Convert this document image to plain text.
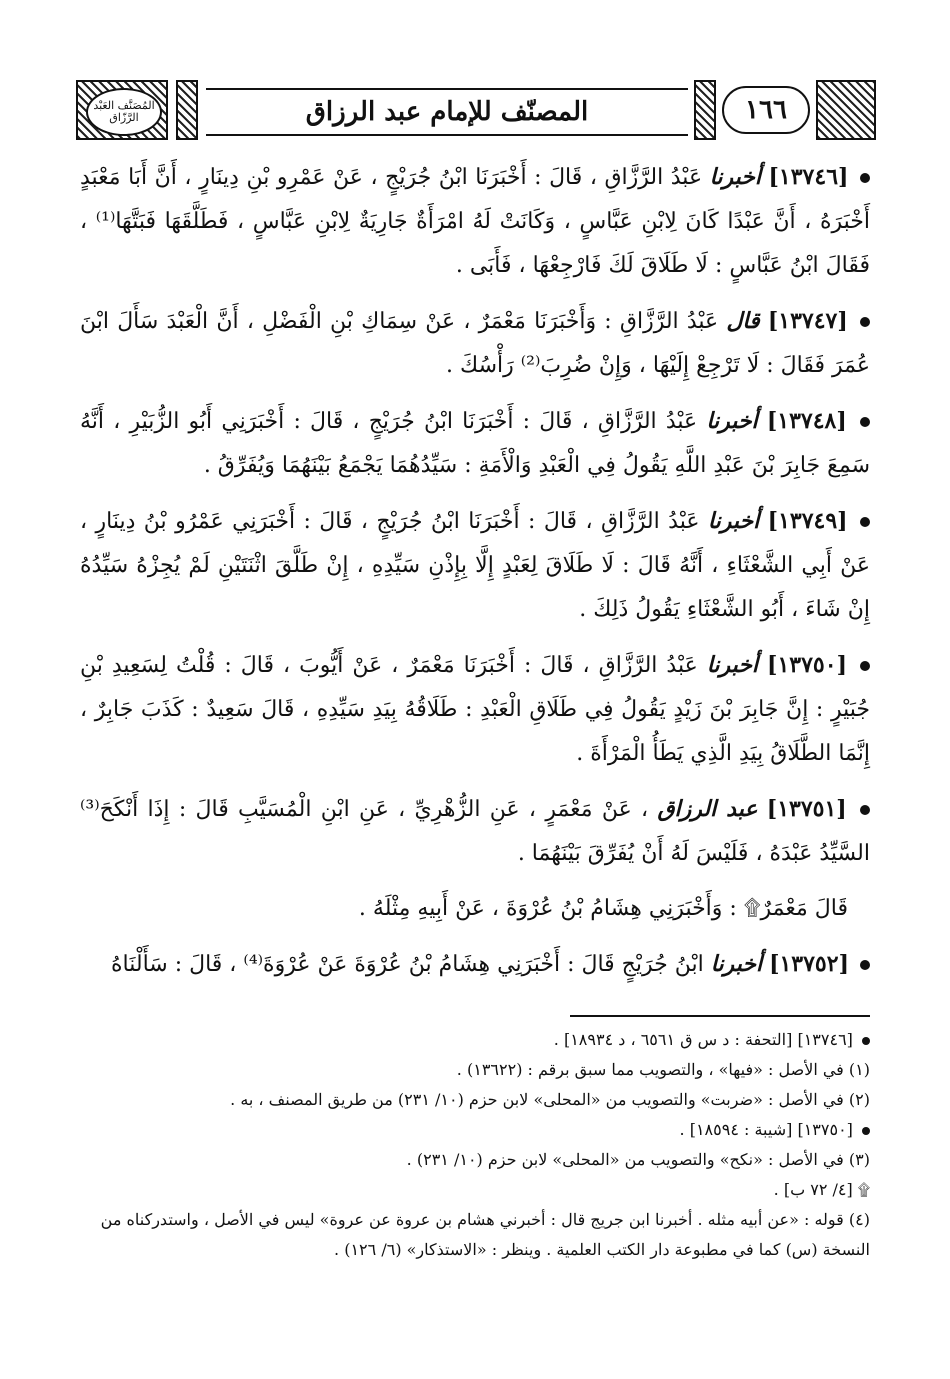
المُصَنَّف العَبْد الرَّزّاق	المصنّف للإمام عبد الرزاق	١٦٦

[١٣٧٤٦] أخبرنا عَبْدُ الرَّزَّاقِ ، قَالَ : أَخْبَرَنَا ابْنُ جُرَيْجٍ ، عَنْ عَمْرِو بْنِ دِينَارٍ ، أَنَّ أَبَا مَعْبَدٍ أَخْبَرَهُ ، أَنَّ عَبْدًا كَانَ لِابْنِ عَبَّاسٍ ، وَكَانَتْ لَهُ امْرَأَةٌ جَارِيَةٌ لِابْنِ عَبَّاسٍ ، فَطَلَّقَهَا فَبَتَّهَا⁽¹⁾ ، فَقَالَ ابْنُ عَبَّاسٍ : لَا طَلَاقَ لَكَ فَارْجِعْهَا ، فَأَبَى .

[١٣٧٤٧] قال عَبْدُ الرَّزَّاقِ : وَأَخْبَرَنَا مَعْمَرٌ ، عَنْ سِمَاكِ بْنِ الْفَضْلِ ، أَنَّ الْعَبْدَ سَأَلَ ابْنَ عُمَرَ فَقَالَ : لَا تَرْجِعْ إِلَيْهَا ، وَإِنْ ضُرِبَ⁽²⁾ رَأْسُكَ .

[١٣٧٤٨] أخبرنا عَبْدُ الرَّزَّاقِ ، قَالَ : أَخْبَرَنَا ابْنُ جُرَيْجٍ ، قَالَ : أَخْبَرَنِي أَبُو الزُّبَيْرِ ، أَنَّهُ سَمِعَ جَابِرَ بْنَ عَبْدِ اللَّهِ يَقُولُ فِي الْعَبْدِ وَالْأَمَةِ : سَيِّدُهُمَا يَجْمَعُ بَيْنَهُمَا وَيُفَرِّقُ .

[١٣٧٤٩] أخبرنا عَبْدُ الرَّزَّاقِ ، قَالَ : أَخْبَرَنَا ابْنُ جُرَيْجٍ ، قَالَ : أَخْبَرَنِي عَمْرُو بْنُ دِينَارٍ ، عَنْ أَبِي الشَّعْثَاءِ ، أَنَّهُ قَالَ : لَا طَلَاقَ لِعَبْدٍ إِلَّا بِإِذْنِ سَيِّدِهِ ، إِنْ طَلَّقَ اثْنَتَيْنِ لَمْ يُجِزْهُ سَيِّدُهُ إِنْ شَاءَ ، أَبُو الشَّعْثَاءِ يَقُولُ ذَلِكَ .

[١٣٧٥٠] أخبرنا عَبْدُ الرَّزَّاقِ ، قَالَ : أَخْبَرَنَا مَعْمَرٌ ، عَنْ أَيُّوبَ ، قَالَ : قُلْتُ لِسَعِيدِ بْنِ جُبَيْرٍ : إِنَّ جَابِرَ بْنَ زَيْدٍ يَقُولُ فِي طَلَاقِ الْعَبْدِ : طَلَاقُهُ بِيَدِ سَيِّدِهِ ، قَالَ سَعِيدٌ : كَذَبَ جَابِرٌ ، إِنَّمَا الطَّلَاقُ بِيَدِ الَّذِي يَطَأُ الْمَرْأَةَ .

[١٣٧٥١] عبد الرزاق ، عَنْ مَعْمَرٍ ، عَنِ الزُّهْرِيِّ ، عَنِ ابْنِ الْمُسَيَّبِ قَالَ : إِذَا أَنْكَحَ⁽³⁾ السَّيِّدُ عَبْدَهُ ، فَلَيْسَ لَهُ أَنْ يُفَرِّقَ بَيْنَهُمَا .

قَالَ مَعْمَرٌ۩ : وَأَخْبَرَنِي هِشَامُ بْنُ عُرْوَةَ ، عَنْ أَبِيهِ مِثْلَهُ .

[١٣٧٥٢] أخبرنا ابْنُ جُرَيْجٍ قَالَ : أَخْبَرَنِي هِشَامُ بْنُ عُرْوَةَ عَنْ عُرْوَةَ⁽⁴⁾ ، قَالَ : سَأَلْنَاهُ

[١٣٧٤٦] [التحفة : د س ق ٦٥٦١ ، د ١٨٩٣٤] .

(١) في الأصل : «فيها» ، والتصويب مما سبق برقم : (١٣٦٢٢) .

(٢) في الأصل : «ضربت» والتصويب من «المحلى» لابن حزم (١٠/ ٢٣١) من طريق المصنف ، به .

[١٣٧٥٠] [شيبة : ١٨٥٩٤] .

(٣) في الأصل : «نكح» والتصويب من «المحلى» لابن حزم (١٠/ ٢٣١) .

۩ [٤/ ٧٢ ب] .

(٤) قوله : «عن أبيه مثله . أخبرنا ابن جريج قال : أخبرني هشام بن عروة عن عروة» ليس في الأصل ، واستدركناه من النسخة (س) كما في مطبوعة دار الكتب العلمية . وينظر : «الاستذكار» (٦/ ١٢٦) .
